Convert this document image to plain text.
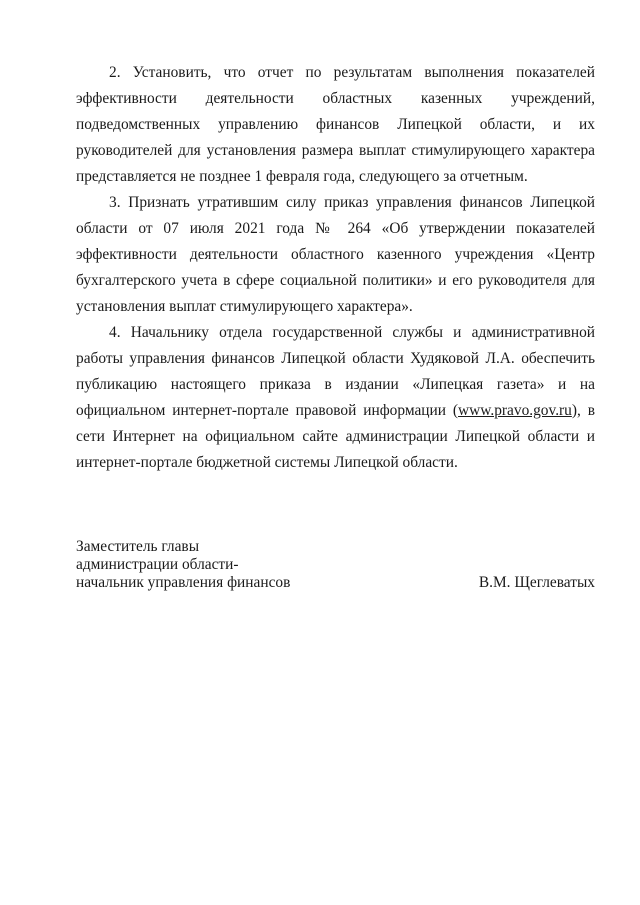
2. Установить, что отчет по результатам выполнения показателей эффективности деятельности областных казенных учреждений, подведомственных управлению финансов Липецкой области, и их руководителей для установления размера выплат стимулирующего характера представляется не позднее 1 февраля года, следующего за отчетным.

3. Признать утратившим силу приказ управления финансов Липецкой области от 07 июля 2021 года № 264 «Об утверждении показателей эффективности деятельности областного казенного учреждения «Центр бухгалтерского учета в сфере социальной политики» и его руководителя для установления выплат стимулирующего характера».

4. Начальнику отдела государственной службы и административной работы управления финансов Липецкой области Худяковой Л.А. обеспечить публикацию настоящего приказа в издании «Липецкая газета» и на официальном интернет-портале правовой информации (www.pravo.gov.ru), в сети Интернет на официальном сайте администрации Липецкой области и интернет-портале бюджетной системы Липецкой области.

Заместитель главы
администрации области-
начальник управления финансов	В.М. Щеглеватых
